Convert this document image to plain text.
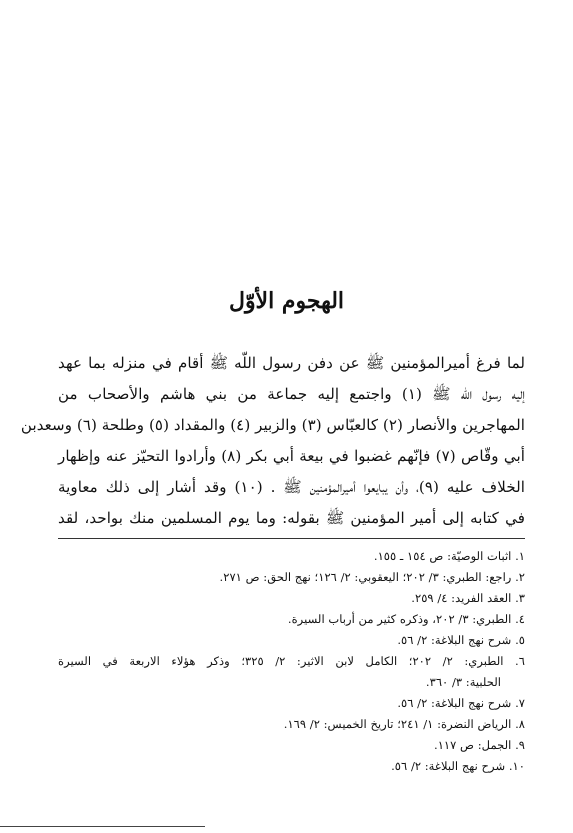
الهجوم الأوّل
لما فرغ أميرالمؤمنين ﷺ عن دفن رسول اللّه ﷺ أقام في منزله بما عهد
إليه رسول اللّه ﷺ (١) واجتمع إليه جماعة من بني هاشم والأصحاب من
المهاجرين والأنصار (٢) كالعبّاس (٣) والزبير (٤) والمقداد (٥) وطلحة (٦) وسعدبن
أبي وقّاص (٧) فإنّهم غضبوا في بيعة أبي بكر (٨) وأرادوا التحيّز عنه وإظهار
الخلاف عليه (٩)، وأن يبايعوا أميرالمؤمنين ﷺ . (١٠) وقد أشار إلى ذلك معاوية
في كتابه إلى أمير المؤمنين ﷺ بقوله: وما يوم المسلمين منك بواحد، لقد
١. اثبات الوصيّة: ص ١٥٤ ـ ١٥٥.
٢. راجع: الطبري: ٣/ ٢٠٢؛ اليعقوبي: ٢/ ١٢٦؛ نهج الحق: ص ٢٧١.
٣. العقد الفريد: ٤/ ٢٥٩.
٤. الطبري: ٣/ ٢٠٢، وذكره كثير من أرباب السيرة.
٥. شرح نهج البلاغة: ٢/ ٥٦.
٦. الطبري: ٢/ ٢٠٢؛ الكامل لابن الاثير: ٢/ ٣٢٥؛ وذكر هؤلاء الاربعة في السيرة
الحلبية: ٣/ ٣٦٠.
٧. شرح نهج البلاغة: ٢/ ٥٦.
٨. الرياض النضرة: ١/ ٢٤١؛ تاريخ الخميس: ٢/ ١٦٩.
٩. الجمل: ص ١١٧.
١٠. شرح نهج البلاغة: ٢/ ٥٦.
